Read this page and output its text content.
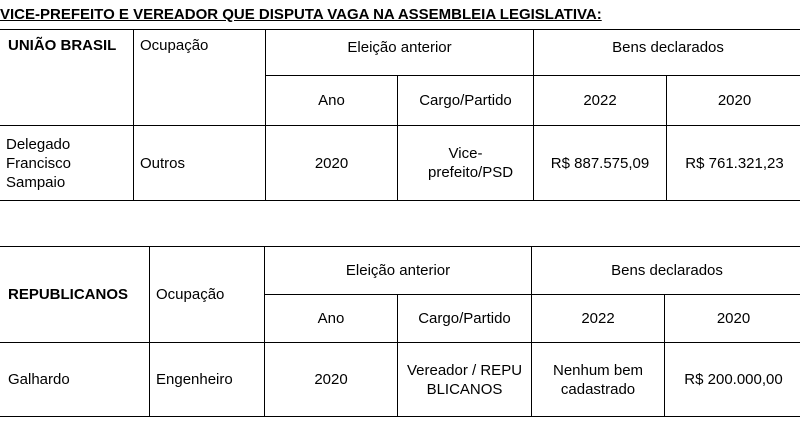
VICE-PREFEITO E VEREADOR QUE DISPUTA VAGA NA ASSEMBLEIA LEGISLATIVA:
UNIÃO BRASIL	Ocupação	Eleição anterior		Bens declarados	
		Ano	Cargo/Partido	2022	2020
Delegado Francisco Sampaio	Outros	2020	Vice-prefeito/PSD	R$ 887.575,09	R$ 761.321,23
REPUBLICANOS	Ocupação	Eleição anterior		Bens declarados	
		Ano	Cargo/Partido	2022	2020
Galhardo	Engenheiro	2020	Vereador / REPUBLICANOS	Nenhum bem cadastrado	R$ 200.000,00
